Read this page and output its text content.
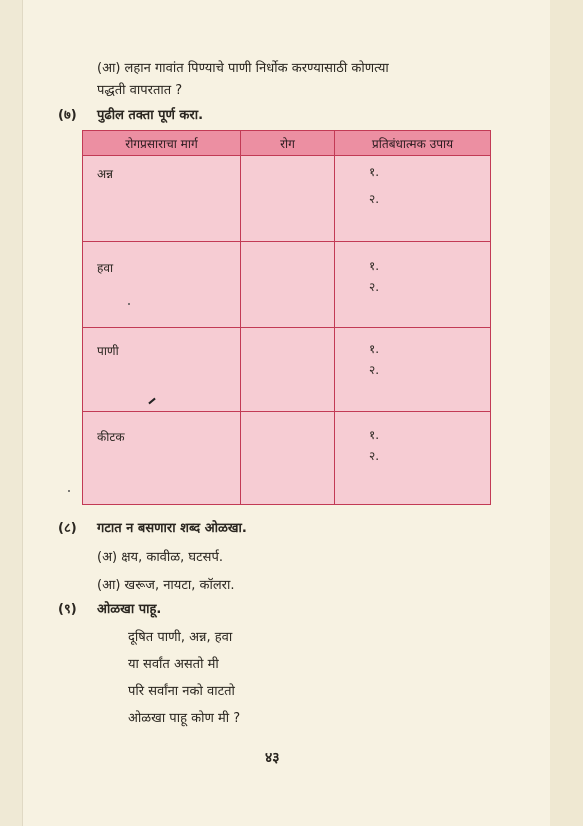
(आ) लहान गावांत पिण्याचे पाणी निर्धोक करण्यासाठी कोणत्या
पद्धती वापरतात ?
(७) पुढील तक्ता पूर्ण करा.
रोगप्रसाराचा मार्ग	रोग	प्रतिबंधात्मक उपाय
अन्न		१.
२.

हवा		१.
२.

पाणी		१.
२.

कीटक		१.
२.
(८) गटात न बसणारा शब्द ओळखा.
(अ) क्षय, कावीळ, घटसर्प.
(आ) खरूज, नायटा, कॉलरा.
(९) ओळखा पाहू.
दूषित पाणी, अन्न, हवा
या सर्वांत असतो मी
परि सर्वांना नको वाटतो
ओळखा पाहू कोण मी ?
४३
